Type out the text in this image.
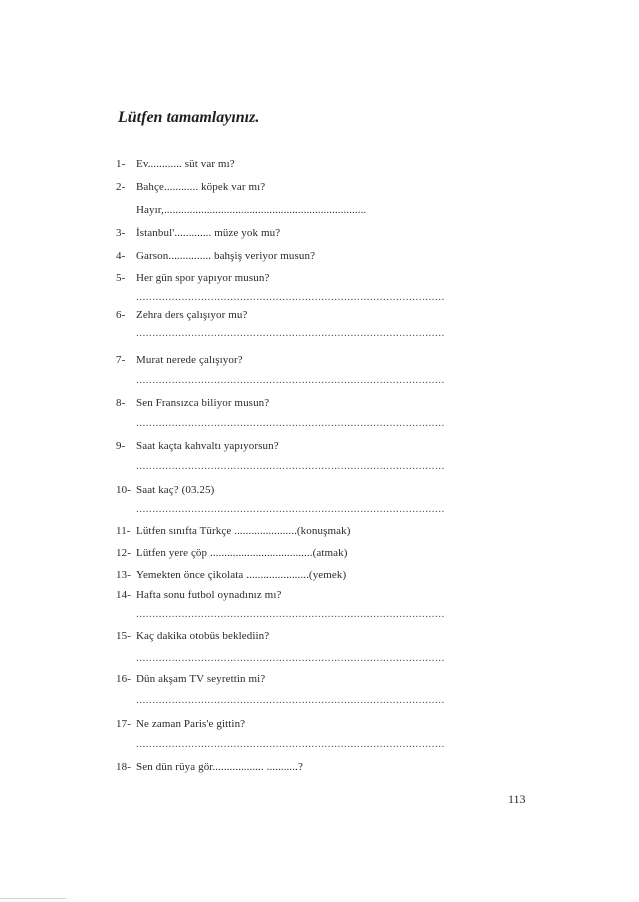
Lütfen tamamlayınız.
1- Ev............ süt var mı?
2- Bahçe............ köpek var mı?
Hayır,.......................................................................
3- İstanbul'............. müze yok mu?
4- Garson............... bahşiş veriyor musun?
5- Her gün spor yapıyor musun?
...............................................................................................
6- Zehra ders çalışıyor mu?
...............................................................................................
7- Murat nerede çalışıyor?
...............................................................................................
8- Sen Fransızca biliyor musun?
...............................................................................................
9- Saat kaçta kahvaltı yapıyorsun?
...............................................................................................
10- Saat kaç? (03.25)
...............................................................................................
11- Lütfen sınıfta Türkçe ......................(konuşmak)
12- Lütfen yere çöp ....................................(atmak)
13- Yemekten önce çikolata ......................(yemek)
14- Hafta sonu futbol oynadınız mı?
...............................................................................................
15- Kaç dakika otobüs beklediin?
...............................................................................................
16- Dün akşam TV seyrettin mi?
...............................................................................................
17- Ne zaman Paris'e gittin?
...............................................................................................
18- Sen dün rüya gör.................. ...........?
113
